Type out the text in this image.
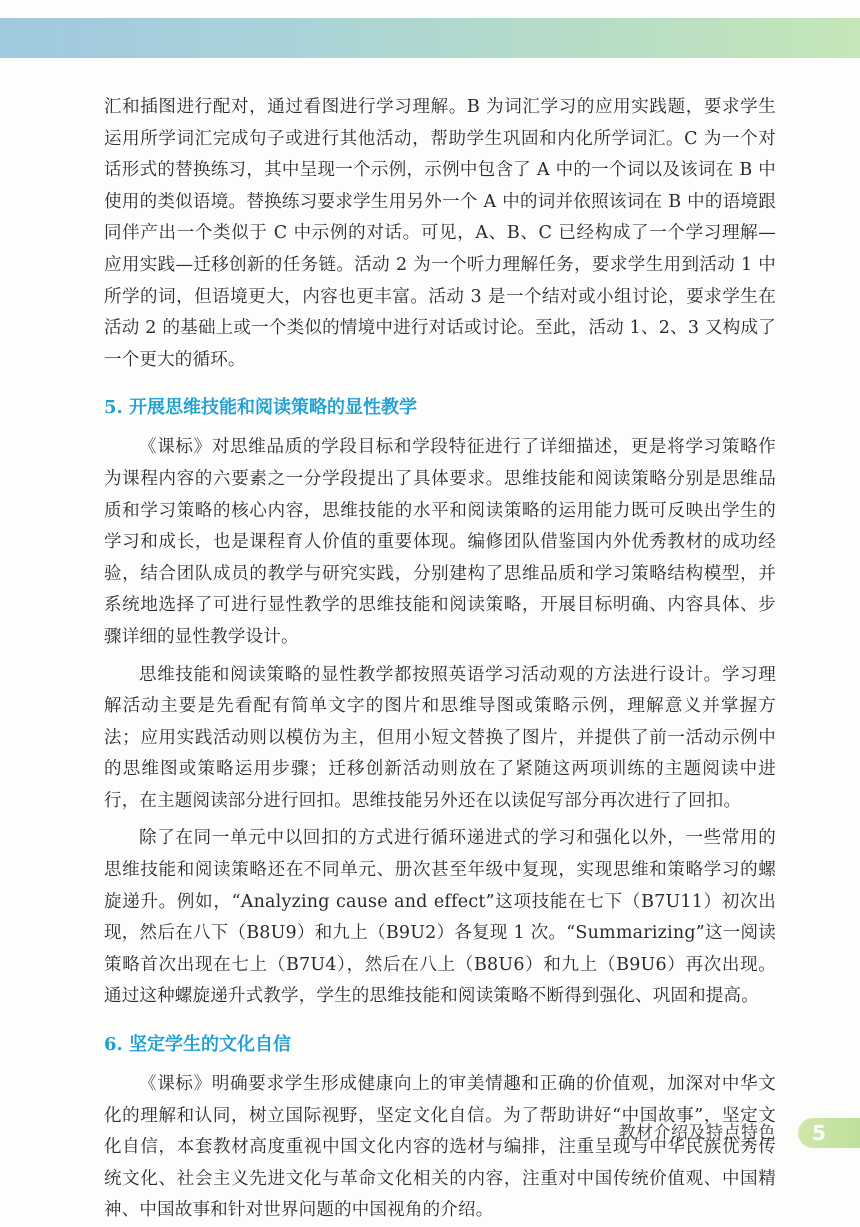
汇和插图进行配对，通过看图进行学习理解。B 为词汇学习的应用实践题，要求学生运用所学词汇完成句子或进行其他活动，帮助学生巩固和内化所学词汇。C 为一个对话形式的替换练习，其中呈现一个示例，示例中包含了 A 中的一个词以及该词在 B 中使用的类似语境。替换练习要求学生用另外一个 A 中的词并依照该词在 B 中的语境跟同伴产出一个类似于 C 中示例的对话。可见，A、B、C 已经构成了一个学习理解—应用实践—迁移创新的任务链。活动 2 为一个听力理解任务，要求学生用到活动 1 中所学的词，但语境更大，内容也更丰富。活动 3 是一个结对或小组讨论，要求学生在活动 2 的基础上或一个类似的情境中进行对话或讨论。至此，活动 1、2、3 又构成了一个更大的循环。

5. 开展思维技能和阅读策略的显性教学

《课标》对思维品质的学段目标和学段特征进行了详细描述，更是将学习策略作为课程内容的六要素之一分学段提出了具体要求。思维技能和阅读策略分别是思维品质和学习策略的核心内容，思维技能的水平和阅读策略的运用能力既可反映出学生的学习和成长，也是课程育人价值的重要体现。编修团队借鉴国内外优秀教材的成功经验，结合团队成员的教学与研究实践，分别建构了思维品质和学习策略结构模型，并系统地选择了可进行显性教学的思维技能和阅读策略，开展目标明确、内容具体、步骤详细的显性教学设计。

思维技能和阅读策略的显性教学都按照英语学习活动观的方法进行设计。学习理解活动主要是先看配有简单文字的图片和思维导图或策略示例，理解意义并掌握方法；应用实践活动则以模仿为主，但用小短文替换了图片，并提供了前一活动示例中的思维图或策略运用步骤；迁移创新活动则放在了紧随这两项训练的主题阅读中进行，在主题阅读部分进行回扣。思维技能另外还在以读促写部分再次进行了回扣。

除了在同一单元中以回扣的方式进行循环递进式的学习和强化以外，一些常用的思维技能和阅读策略还在不同单元、册次甚至年级中复现，实现思维和策略学习的螺旋递升。例如，“Analyzing cause and effect”这项技能在七下（B7U11）初次出现，然后在八下（B8U9）和九上（B9U2）各复现 1 次。“Summarizing”这一阅读策略首次出现在七上（B7U4），然后在八上（B8U6）和九上（B9U6）再次出现。通过这种螺旋递升式教学，学生的思维技能和阅读策略不断得到强化、巩固和提高。

6. 坚定学生的文化自信

《课标》明确要求学生形成健康向上的审美情趣和正确的价值观，加深对中华文化的理解和认同，树立国际视野，坚定文化自信。为了帮助讲好“中国故事”，坚定文化自信，本套教材高度重视中国文化内容的选材与编排，注重呈现与中华民族优秀传统文化、社会主义先进文化与革命文化相关的内容，注重对中国传统价值观、中国精神、中国故事和针对世界问题的中国视角的介绍。

教材介绍及特点特色 5
